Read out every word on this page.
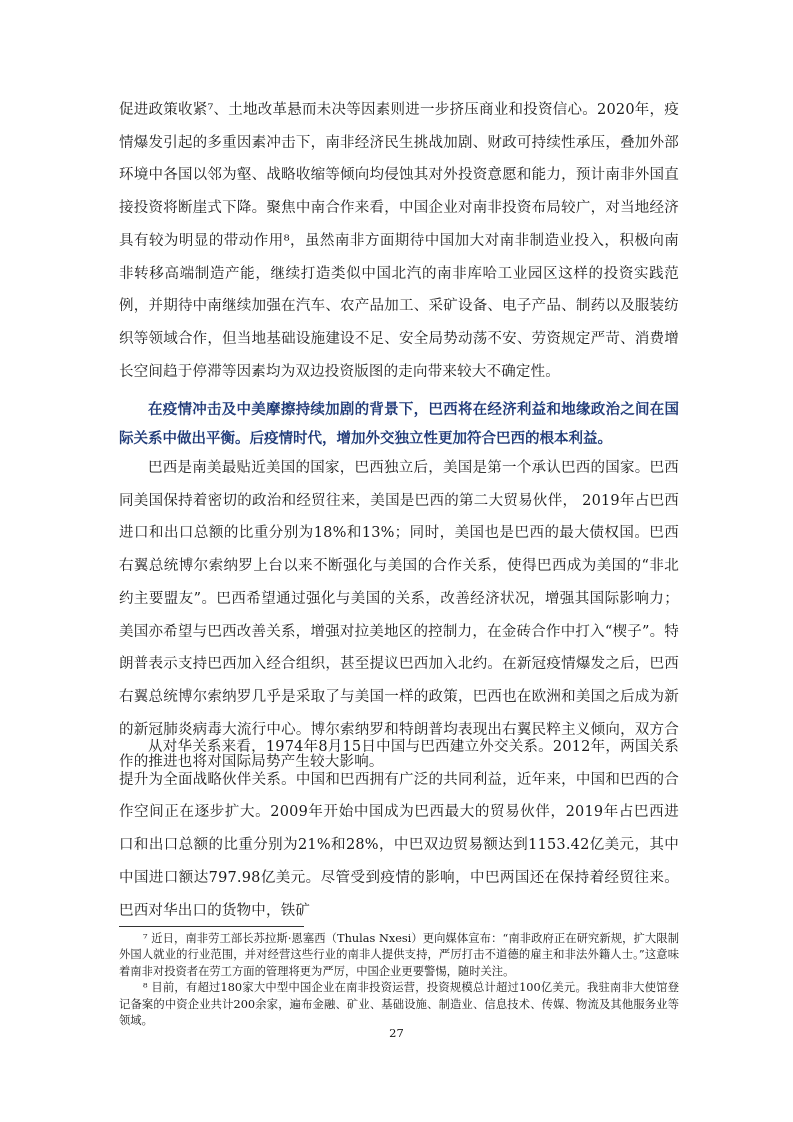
促进政策收紧⁷、土地改革悬而未决等因素则进一步挤压商业和投资信心。2020年，疫情爆发引起的多重因素冲击下，南非经济民生挑战加剧、财政可持续性承压，叠加外部环境中各国以邻为壑、战略收缩等倾向均侵蚀其对外投资意愿和能力，预计南非外国直接投资将断崖式下降。聚焦中南合作来看，中国企业对南非投资布局较广，对当地经济具有较为明显的带动作用⁸，虽然南非方面期待中国加大对南非制造业投入，积极向南非转移高端制造产能，继续打造类似中国北汽的南非库哈工业园区这样的投资实践范例，并期待中南继续加强在汽车、农产品加工、采矿设备、电子产品、制药以及服装纺织等领域合作，但当地基础设施建设不足、安全局势动荡不安、劳资规定严苛、消费增长空间趋于停滞等因素均为双边投资版图的走向带来较大不确定性。

在疫情冲击及中美摩擦持续加剧的背景下，巴西将在经济利益和地缘政治之间在国际关系中做出平衡。后疫情时代，增加外交独立性更加符合巴西的根本利益。

巴西是南美最贴近美国的国家，巴西独立后，美国是第一个承认巴西的国家。巴西同美国保持着密切的政治和经贸往来，美国是巴西的第二大贸易伙伴， 2019年占巴西进口和出口总额的比重分别为18%和13%；同时，美国也是巴西的最大债权国。巴西右翼总统博尔索纳罗上台以来不断强化与美国的合作关系，使得巴西成为美国的“非北约主要盟友”。巴西希望通过强化与美国的关系，改善经济状况，增强其国际影响力；美国亦希望与巴西改善关系，增强对拉美地区的控制力，在金砖合作中打入“楔子”。特朗普表示支持巴西加入经合组织，甚至提议巴西加入北约。在新冠疫情爆发之后，巴西右翼总统博尔索纳罗几乎是采取了与美国一样的政策，巴西也在欧洲和美国之后成为新的新冠肺炎病毒大流行中心。博尔索纳罗和特朗普均表现出右翼民粹主义倾向，双方合作的推进也将对国际局势产生较大影响。

从对华关系来看，1974年8月15日中国与巴西建立外交关系。2012年，两国关系提升为全面战略伙伴关系。中国和巴西拥有广泛的共同利益，近年来，中国和巴西的合作空间正在逐步扩大。2009年开始中国成为巴西最大的贸易伙伴，2019年占巴西进口和出口总额的比重分别为21%和28%，中巴双边贸易额达到1153.42亿美元，其中中国进口额达797.98亿美元。尽管受到疫情的影响，中巴两国还在保持着经贸往来。巴西对华出口的货物中，铁矿

⁷ 近日，南非劳工部长苏拉斯·恩塞西（Thulas Nxesi）更向媒体宣布：“南非政府正在研究新规，扩大限制外国人就业的行业范围，并对经营这些行业的南非人提供支持，严厉打击不道德的雇主和非法外籍人士。”这意味着南非对投资者在劳工方面的管理将更为严厉，中国企业更要警惕，随时关注。

⁸ 目前，有超过180家大中型中国企业在南非投资运营，投资规模总计超过100亿美元。我驻南非大使馆登记备案的中资企业共计200余家，遍布金融、矿业、基础设施、制造业、信息技术、传媒、物流及其他服务业等领域。

27
